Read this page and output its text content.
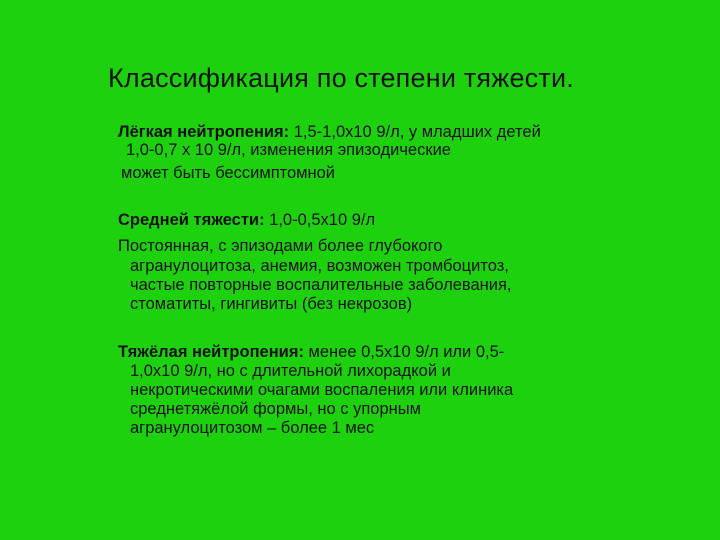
Классификация по степени тяжести.
Лёгкая нейтропения: 1,5-1,0х10 9/л, у младших детей
1,0-0,7 х 10 9/л, изменения эпизодические
может быть бессимптомной
Средней тяжести: 1,0-0,5х10 9/л
Постоянная, с эпизодами более глубокого
агранулоцитоза, анемия, возможен тромбоцитоз,
частые повторные воспалительные заболевания,
стоматиты, гингивиты (без некрозов)
Тяжёлая нейтропения: менее 0,5х10 9/л или 0,5-
1,0х10 9/л, но с длительной лихорадкой и
некротическими очагами воспаления или клиника
среднетяжёлой формы, но с упорным
агранулоцитозом – более 1 мес
